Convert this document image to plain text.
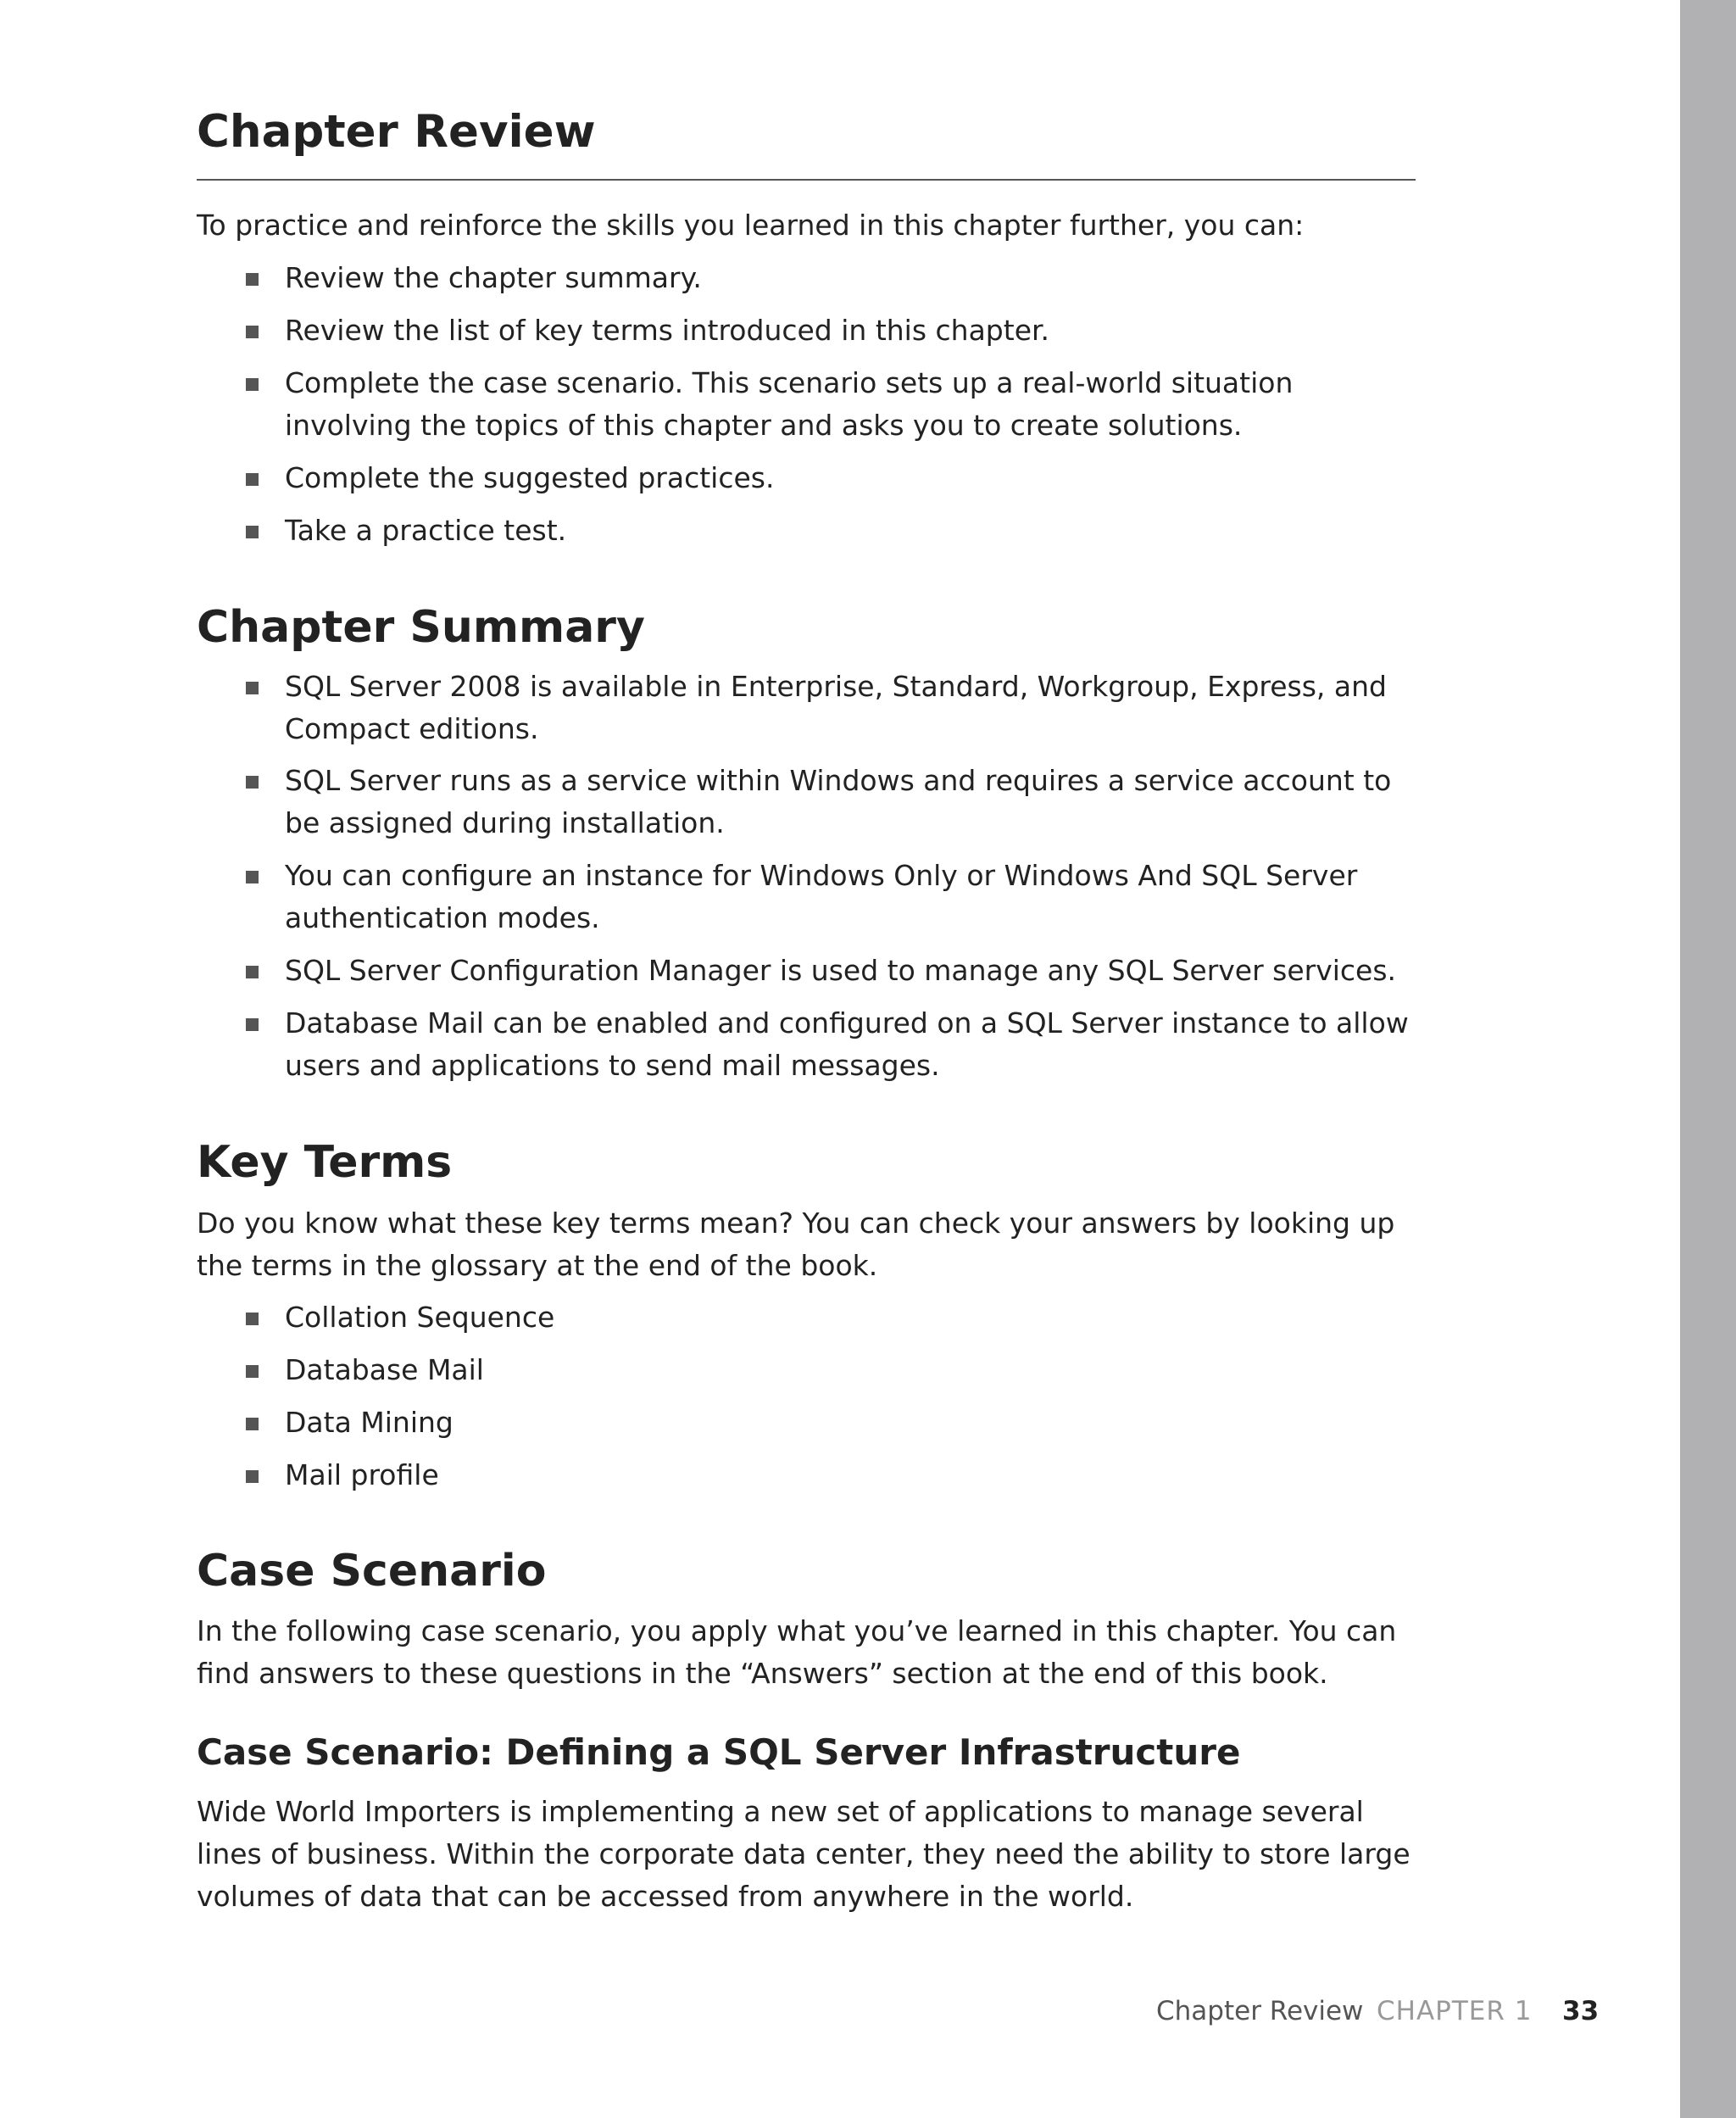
Chapter Review

To practice and reinforce the skills you learned in this chapter further, you can:

Review the chapter summary.
Review the list of key terms introduced in this chapter.
Complete the case scenario. This scenario sets up a real-world situation involving the topics of this chapter and asks you to create solutions.
Complete the suggested practices.
Take a practice test.
Chapter Summary
SQL Server 2008 is available in Enterprise, Standard, Workgroup, Express, and Compact editions.
SQL Server runs as a service within Windows and requires a service account to be assigned during installation.
You can configure an instance for Windows Only or Windows And SQL Server authentication modes.
SQL Server Configuration Manager is used to manage any SQL Server services.
Database Mail can be enabled and configured on a SQL Server instance to allow users and applications to send mail messages.
Key Terms

Do you know what these key terms mean? You can check your answers by looking up the terms in the glossary at the end of the book.

Collation Sequence
Database Mail
Data Mining
Mail profile
Case Scenario

In the following case scenario, you apply what you’ve learned in this chapter. You can find answers to these questions in the “Answers” section at the end of this book.

Case Scenario: Defining a SQL Server Infrastructure

Wide World Importers is implementing a new set of applications to manage several lines of business. Within the corporate data center, they need the ability to store large volumes of data that can be accessed from anywhere in the world.

Chapter Review CHAPTER 1 33
